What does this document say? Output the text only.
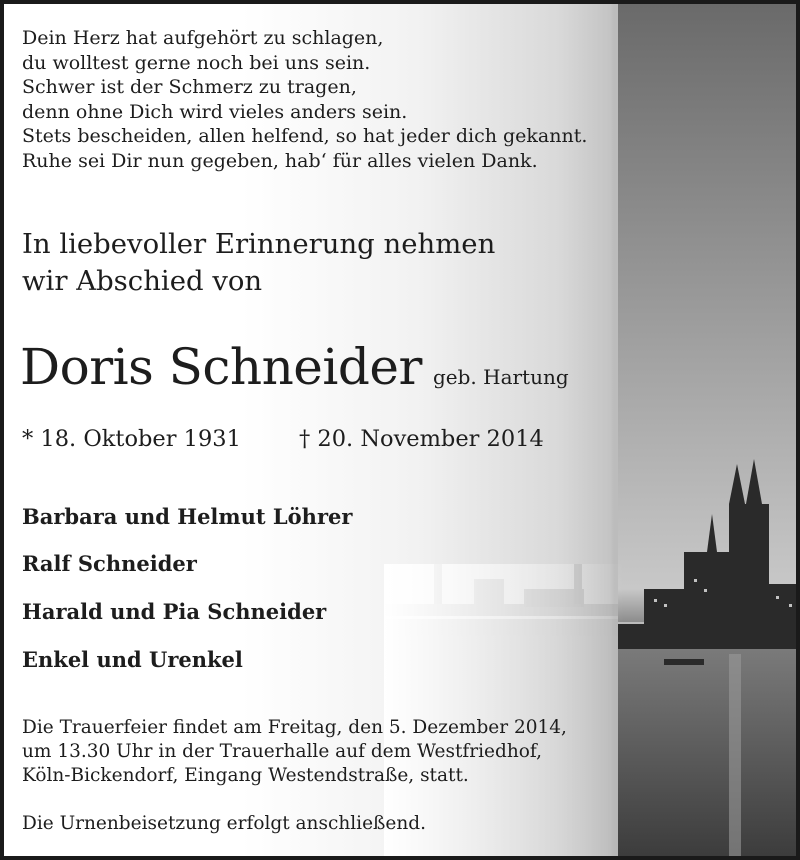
Dein Herz hat aufgehört zu schlagen,
du wolltest gerne noch bei uns sein.
Schwer ist der Schmerz zu tragen,
denn ohne Dich wird vieles anders sein.
Stets bescheiden, allen helfend, so hat jeder dich gekannt.
Ruhe sei Dir nun gegeben, hab‘ für alles vielen Dank.
In liebevoller Erinnerung nehmen
wir Abschied von
Doris Schneider geb. Hartung
* 18. Oktober 1931	† 20. November 2014
Barbara und Helmut Löhrer
Ralf Schneider
Harald und Pia Schneider
Enkel und Urenkel
Die Trauerfeier findet am Freitag, den 5. Dezember 2014,
um 13.30 Uhr in der Trauerhalle auf dem Westfriedhof,
Köln-Bickendorf, Eingang Westendstraße, statt.
Die Urnenbeisetzung erfolgt anschließend.
